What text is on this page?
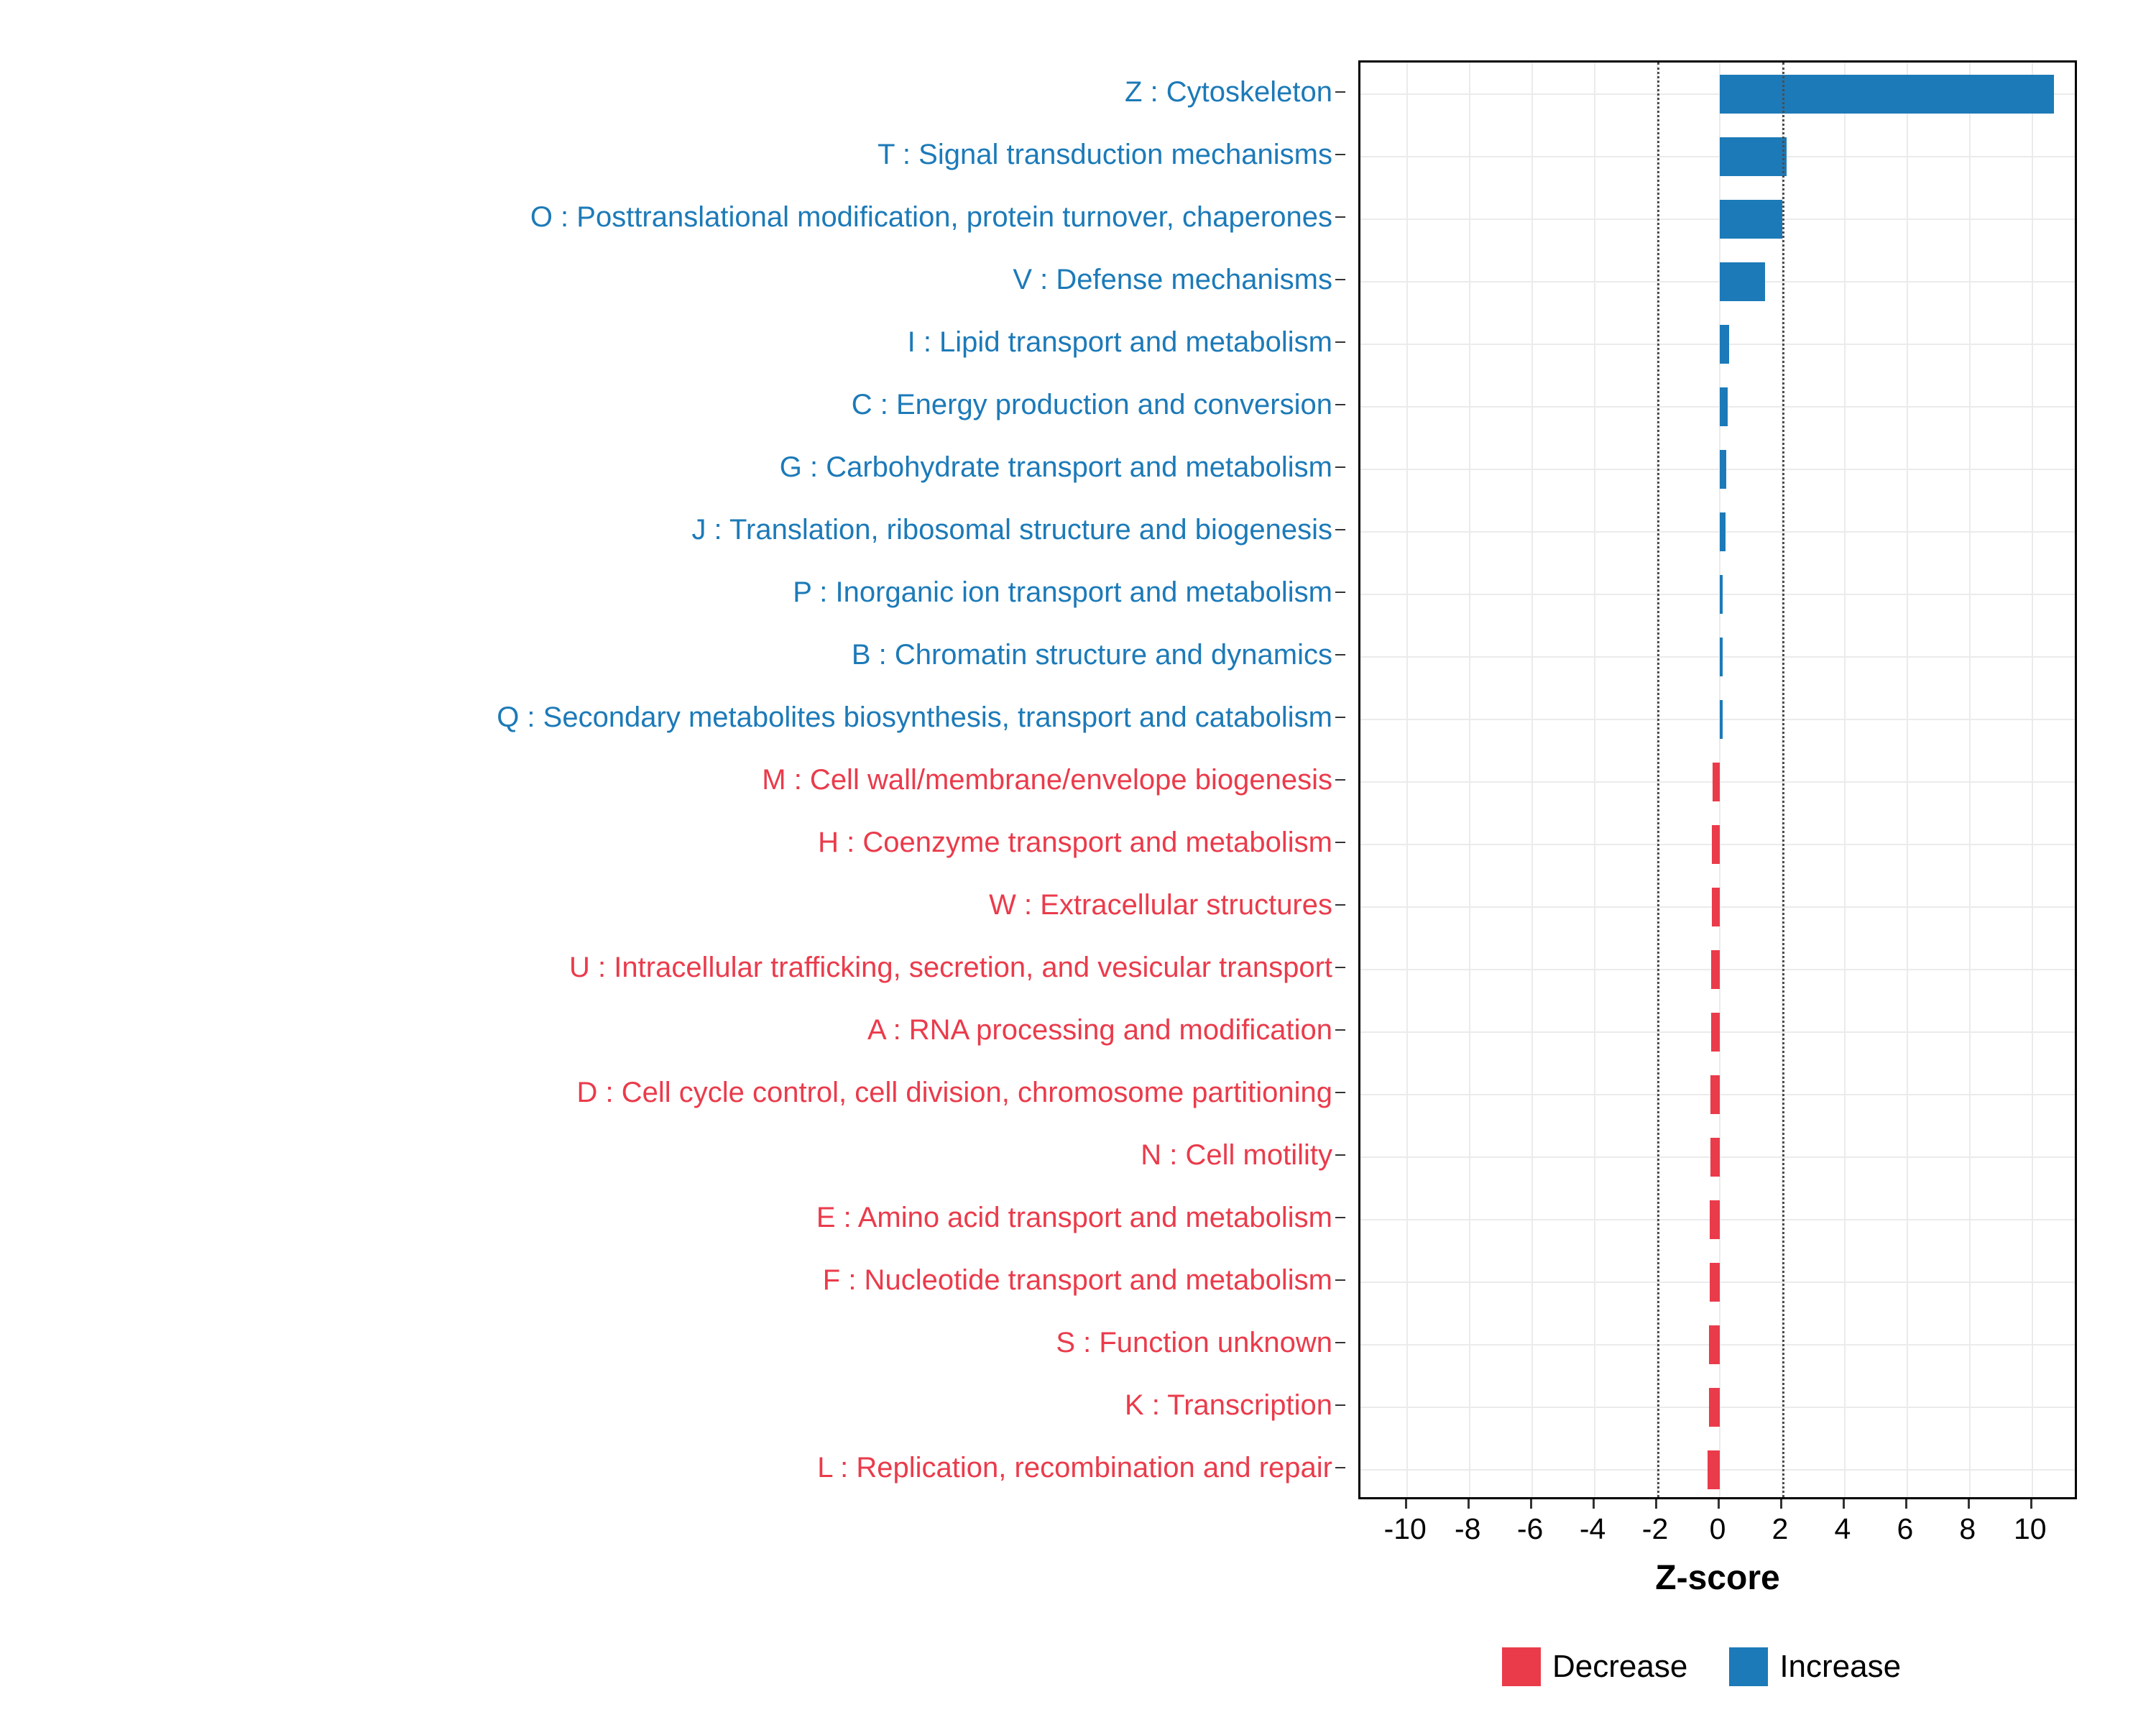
Z : Cytoskeleton
T : Signal transduction mechanisms
O : Posttranslational modification, protein turnover, chaperones
V : Defense mechanisms
I : Lipid transport and metabolism
C : Energy production and conversion
G : Carbohydrate transport and metabolism
J : Translation, ribosomal structure and biogenesis
P : Inorganic ion transport and metabolism
B : Chromatin structure and dynamics
Q : Secondary metabolites biosynthesis, transport and catabolism
M : Cell wall/membrane/envelope biogenesis
H : Coenzyme transport and metabolism
W : Extracellular structures
U : Intracellular trafficking, secretion, and vesicular transport
A : RNA processing and modification
D : Cell cycle control, cell division, chromosome partitioning
N : Cell motility
E : Amino acid transport and metabolism
F : Nucleotide transport and metabolism
S : Function unknown
K : Transcription
L : Replication, recombination and repair
-10 -8 -6 -4 -2 0 2 4 6 8 10
Z-score
Decrease	Increase
